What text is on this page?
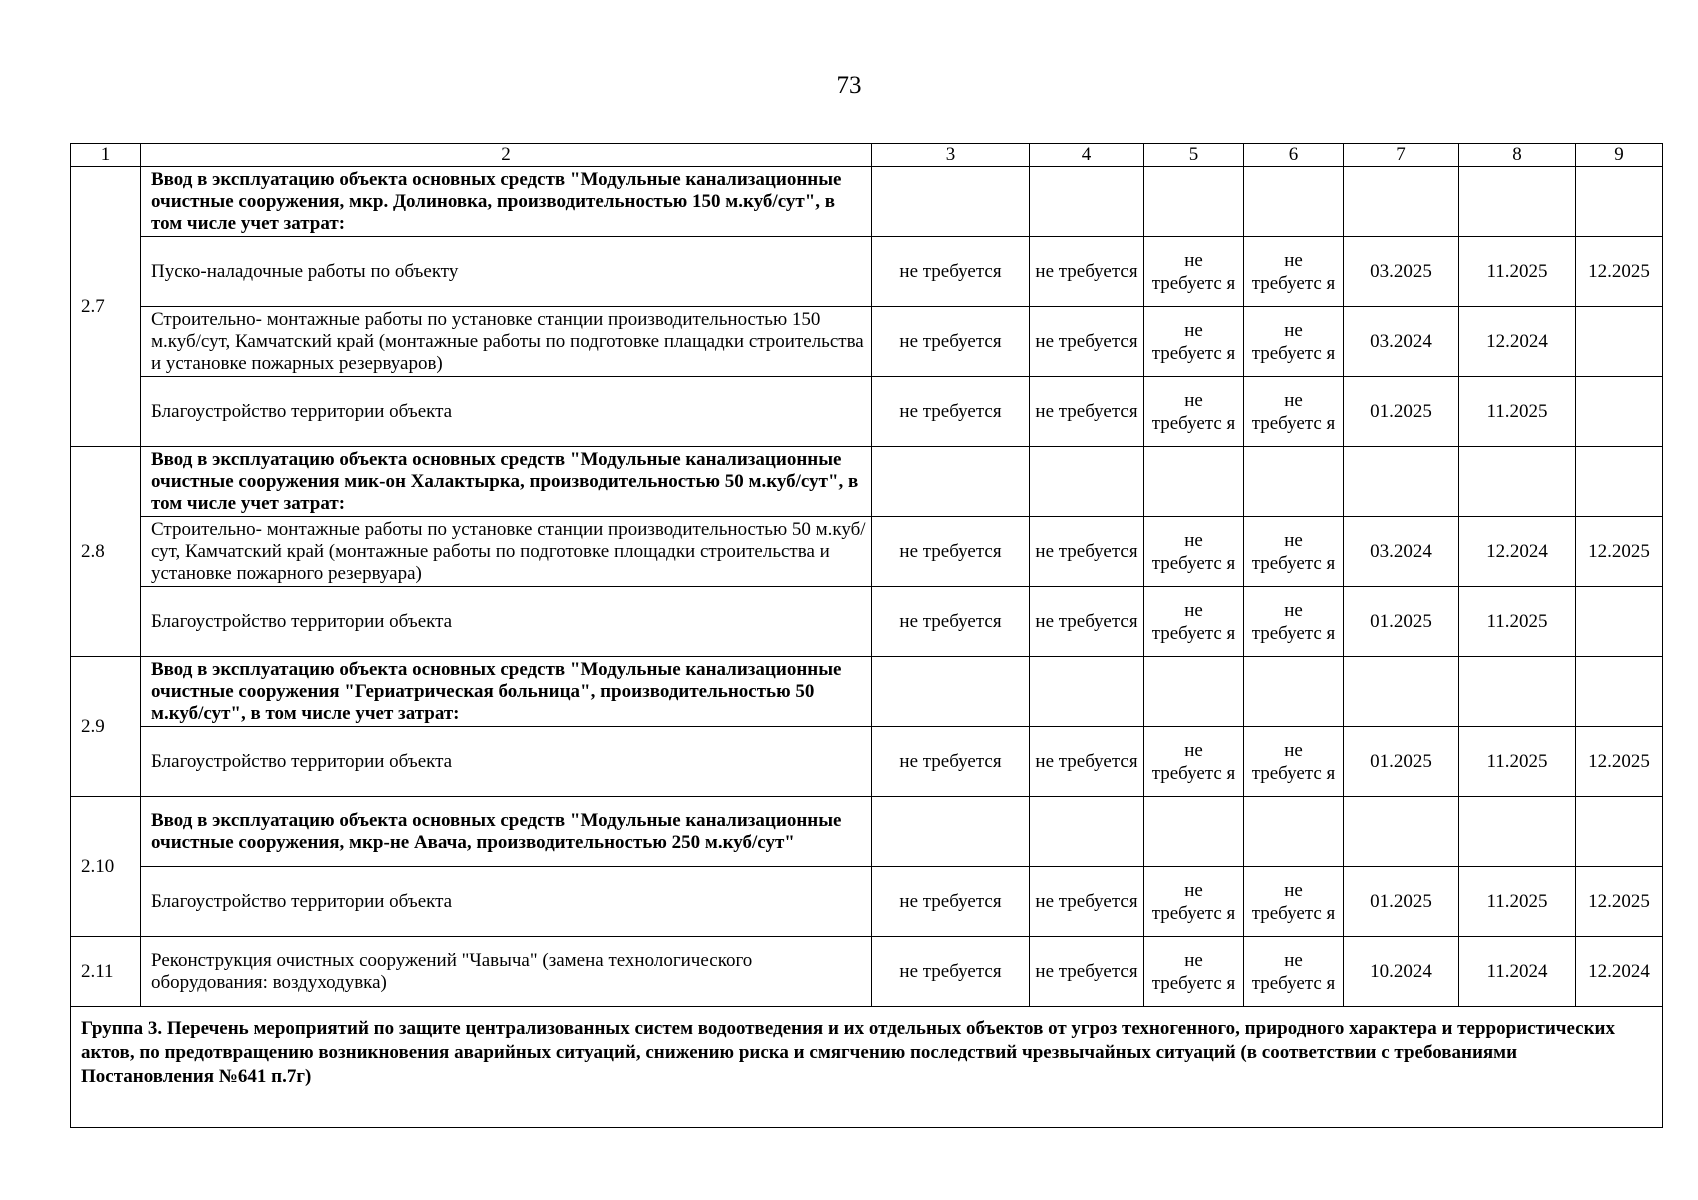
73
1	2	3	4	5	6	7	8	9
2.7	Ввод в эксплуатацию объекта основных средств "Модульные канализационные очистные сооружения, мкр. Долиновка, производительностью 150 м.куб/сут", в том числе учет затрат:							
	Пуско-наладочные работы по объекту	не требуется	не требуется	не требуетс я	не требуетс я	03.2025	11.2025	12.2025
	Строительно- монтажные работы по установке станции производительностью 150 м.куб/сут, Камчатский край (монтажные работы по подготовке плащадки строительства и установке пожарных резервуаров)	не требуется	не требуется	не требуетс я	не требуетс я	03.2024	12.2024	
	Благоустройство территории объекта	не требуется	не требуется	не требуетс я	не требуетс я	01.2025	11.2025	
2.8	Ввод в эксплуатацию объекта основных средств "Модульные канализационные очистные сооружения мик-он Халактырка, производительностью 50 м.куб/сут", в том числе учет затрат:							
	Строительно- монтажные работы по установке станции производительностью 50 м.куб/сут, Камчатский край (монтажные работы по подготовке площадки строительства и установке пожарного резервуара)	не требуется	не требуется	не требуетс я	не требуетс я	03.2024	12.2024	12.2025
	Благоустройство территории объекта	не требуется	не требуется	не требуетс я	не требуетс я	01.2025	11.2025	
2.9	Ввод в эксплуатацию объекта основных средств "Модульные канализационные очистные сооружения "Гериатрическая больница", производительностью 50 м.куб/сут", в том числе учет затрат:							
	Благоустройство территории объекта	не требуется	не требуется	не требуетс я	не требуетс я	01.2025	11.2025	12.2025
2.10	Ввод в эксплуатацию объекта основных средств "Модульные канализационные очистные сооружения, мкр-не Авача, производительностью 250 м.куб/сут"							
	Благоустройство территории объекта	не требуется	не требуется	не требуетс я	не требуетс я	01.2025	11.2025	12.2025
2.11	Реконструкция очистных сооружений "Чавыча" (замена технологического оборудования: воздуходувка)	не требуется	не требуется	не требуетс я	не требуетс я	10.2024	11.2024	12.2024
Группа 3. Перечень мероприятий по защите централизованных систем водоотведения и их отдельных объектов от угроз техногенного, природного характера и террористических актов, по предотвращению возникновения аварийных ситуаций, снижению риска и смягчению последствий чрезвычайных ситуаций (в соответствии с требованиями Постановления №641 п.7г)								
